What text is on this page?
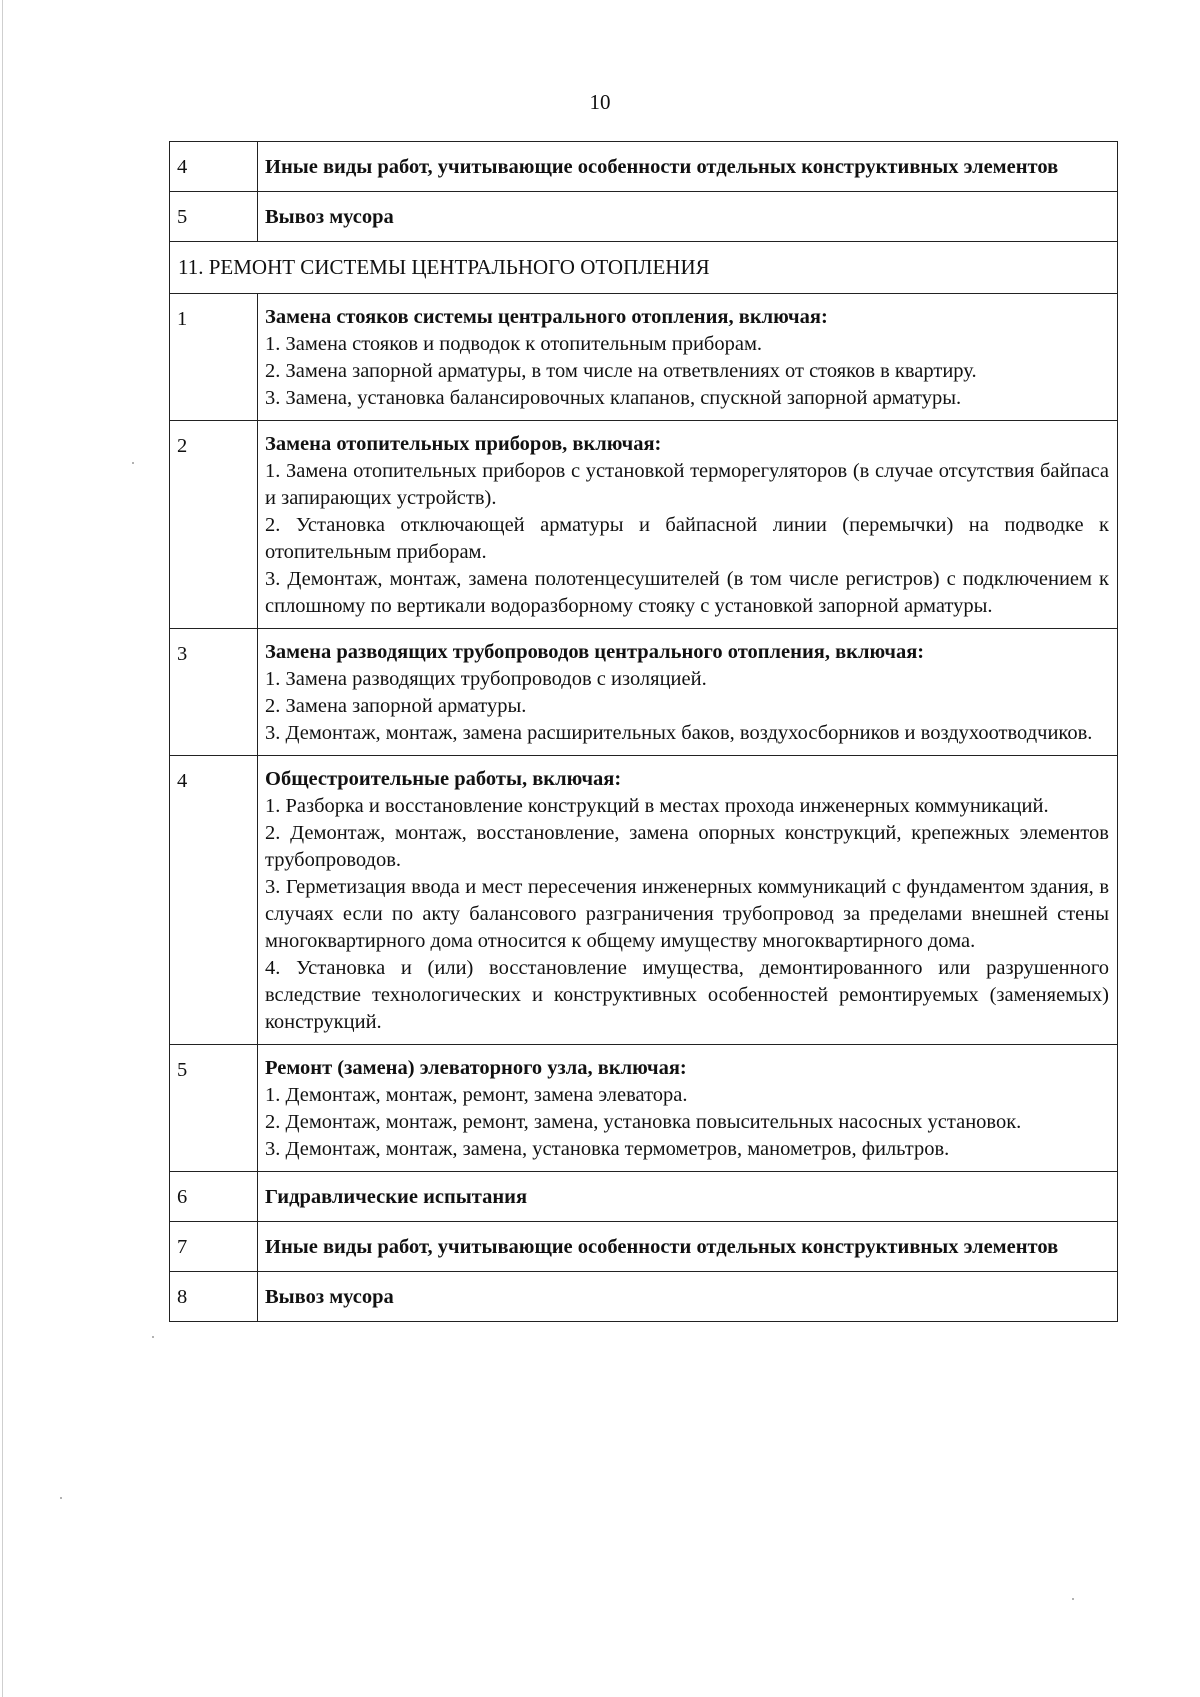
10
4	Иные виды работ, учитывающие особенности отдельных конструктивных элементов

5	Вывоз мусора

11. РЕМОНТ СИСТЕМЫ ЦЕНТРАЛЬНОГО ОТОПЛЕНИЯ	
1	Замена стояков системы центрального отопления, включая:
1. Замена стояков и подводок к отопительным приборам.
2. Замена запорной арматуры, в том числе на ответвлениях от стояков в квартиру.
3. Замена, установка балансировочных клапанов, спускной запорной арматуры.

2	Замена отопительных приборов, включая:
1. Замена отопительных приборов с установкой терморегуляторов (в случае отсутствия байпаса и запирающих устройств).
2. Установка отключающей арматуры и байпасной линии (перемычки) на подводке к отопительным приборам.
3. Демонтаж, монтаж, замена полотенцесушителей (в том числе регистров) с подключением к сплошному по вертикали водоразборному стояку с установкой запорной арматуры.

3	Замена разводящих трубопроводов центрального отопления, включая:
1. Замена разводящих трубопроводов с изоляцией.
2. Замена запорной арматуры.
3. Демонтаж, монтаж, замена расширительных баков, воздухосборников и воздухоотводчиков.

4	Общестроительные работы, включая:
1. Разборка и восстановление конструкций в местах прохода инженерных коммуникаций.
2. Демонтаж, монтаж, восстановление, замена опорных конструкций, крепежных элементов трубопроводов.
3. Герметизация ввода и мест пересечения инженерных коммуникаций с фундаментом здания, в случаях если по акту балансового разграничения трубопровод за пределами внешней стены многоквартирного дома относится к общему имуществу многоквартирного дома.
4. Установка и (или) восстановление имущества, демонтированного или разрушенного вследствие технологических и конструктивных особенностей ремонтируемых (заменяемых) конструкций.

5	Ремонт (замена) элеваторного узла, включая:
1. Демонтаж, монтаж, ремонт, замена элеватора.
2. Демонтаж, монтаж, ремонт, замена, установка повысительных насосных установок.
3. Демонтаж, монтаж, замена, установка термометров, манометров, фильтров.

6	Гидравлические испытания

7	Иные виды работ, учитывающие особенности отдельных конструктивных элементов

8	Вывоз мусора
